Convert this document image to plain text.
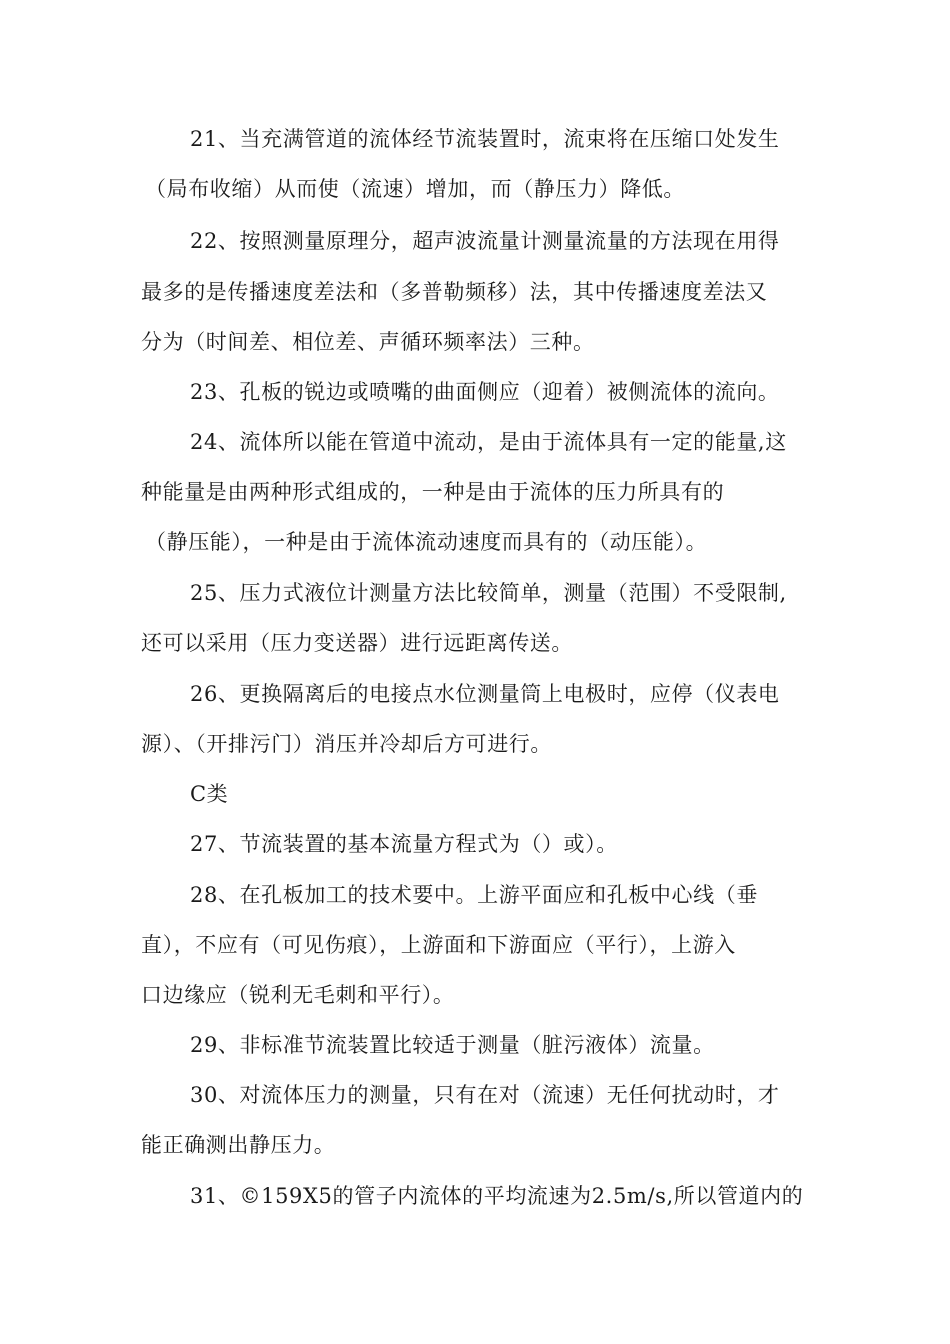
21、当充满管道的流体经节流装置时，流束将在压缩口处发生
（局布收缩）从而使（流速）增加，而（静压力）降低。
22、按照测量原理分，超声波流量计测量流量的方法现在用得
最多的是传播速度差法和（多普勒频移）法，其中传播速度差法又
分为（时间差、相位差、声循环频率法）三种。
23、孔板的锐边或喷嘴的曲面侧应（迎着）被侧流体的流向。
24、流体所以能在管道中流动，是由于流体具有一定的能量,这
种能量是由两种形式组成的，一种是由于流体的压力所具有的
（静压能），一种是由于流体流动速度而具有的（动压能）。
25、压力式液位计测量方法比较简单，测量（范围）不受限制,
还可以采用（压力变送器）进行远距离传送。
26、更换隔离后的电接点水位测量筒上电极时，应停（仪表电
源）、（开排污门）消压并冷却后方可进行。
C类
27、节流装置的基本流量方程式为（）或）。
28、在孔板加工的技术要中。上游平面应和孔板中心线（垂
直），不应有（可见伤痕），上游面和下游面应（平行），上游入
口边缘应（锐利无毛刺和平行）。
29、非标准节流装置比较适于测量（脏污液体）流量。
30、对流体压力的测量，只有在对（流速）无任何扰动时，才
能正确测出静压力。
31、©159X5的管子内流体的平均流速为2.5m/s,所以管道内的
